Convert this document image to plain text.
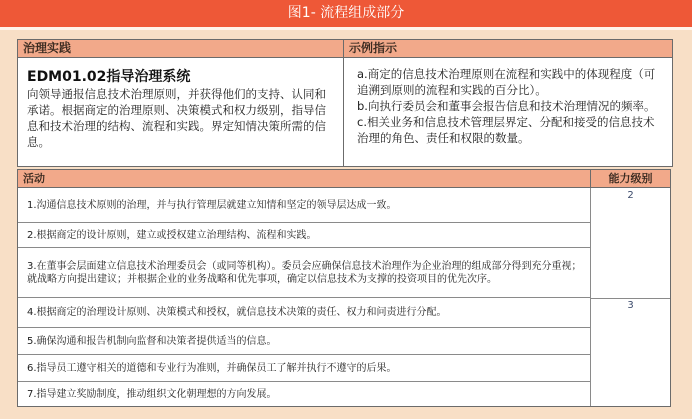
图1- 流程组成部分
治理实践	示例指示
EDM01.02指导治理系统
向领导通报信息技术治理原则，并获得他们的支持、认同和承诺。根据商定的治理原则、决策模式和权力级别，指导信息和技术治理的结构、流程和实践。界定知情决策所需的信息。
a.商定的信息技术治理原则在流程和实践中的体现程度（可追溯到原则的流程和实践的百分比）。
b.向执行委员会和董事会报告信息和技术治理情况的频率。
c.相关业务和信息技术管理层界定、分配和接受的信息技术治理的角色、责任和权限的数量。
活动	能力级别
1.沟通信息技术原则的治理，并与执行管理层就建立知情和坚定的领导层达成一致。
2.根据商定的设计原则，建立或授权建立治理结构、流程和实践。
3.在董事会层面建立信息技术治理委员会（或同等机构）。委员会应确保信息技术治理作为企业治理的组成部分得到充分重视；就战略方向提出建议；并根据企业的业务战略和优先事项，确定以信息技术为支撑的投资项目的优先次序。
4.根据商定的治理设计原则、决策模式和授权，就信息技术决策的责任、权力和问责进行分配。
5.确保沟通和报告机制向监督和决策者提供适当的信息。
6.指导员工遵守相关的道德和专业行为准则，并确保员工了解并执行不遵守的后果。
7.指导建立奖励制度，推动组织文化朝理想的方向发展。
2
3
